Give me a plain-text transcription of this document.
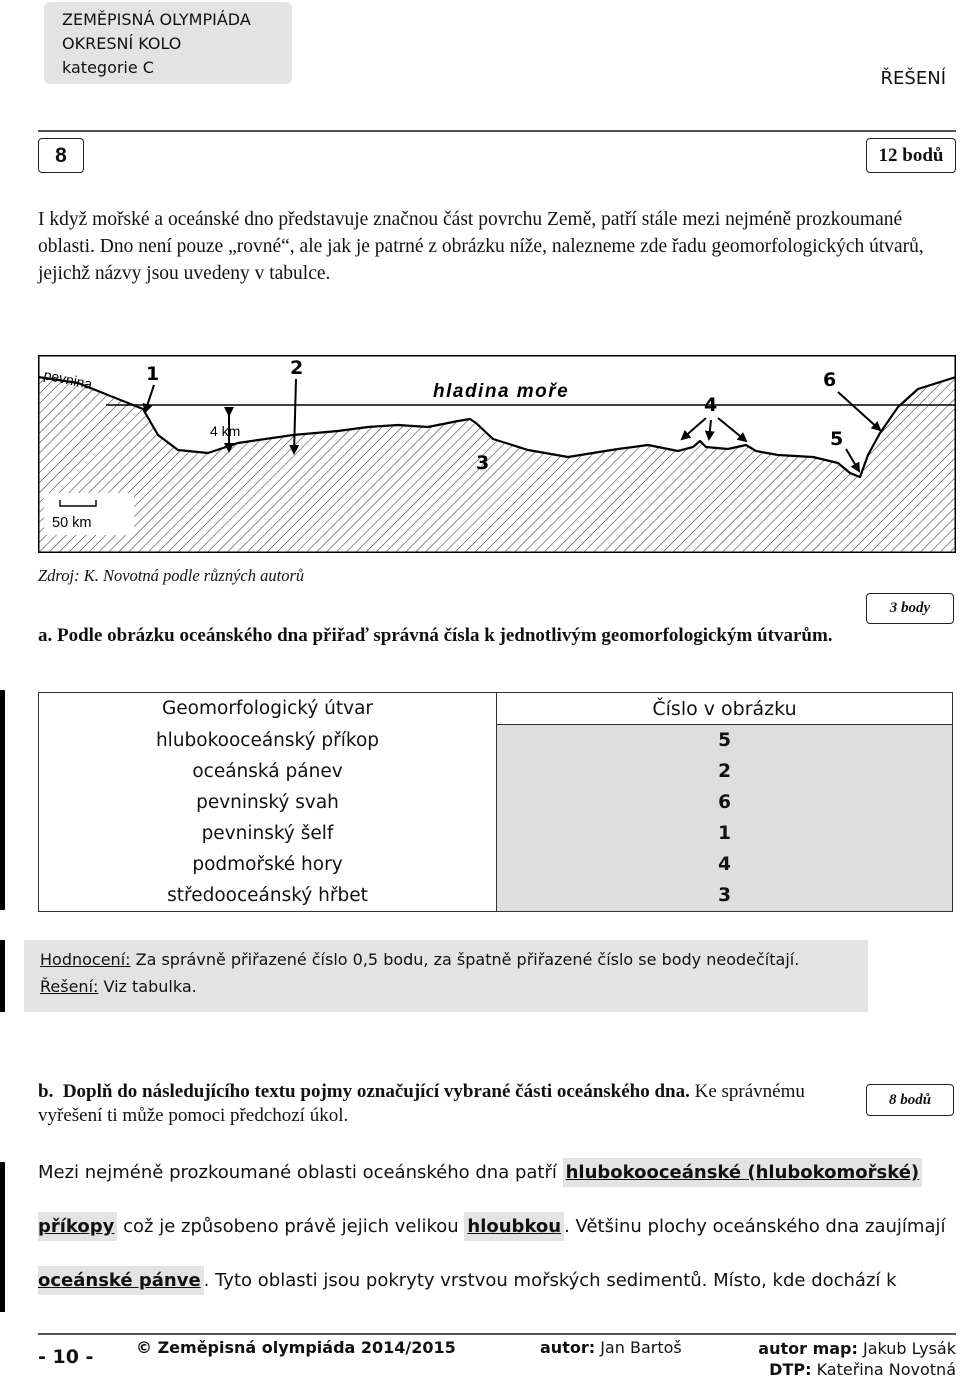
ZEMĚPISNÁ OLYMPIÁDA
OKRESNÍ KOLO
kategorie C
ŘEŠENÍ
8	12 bodů
I když mořské a oceánské dno představuje značnou část povrchu Země, patří stále mezi nejméně prozkoumané oblasti. Dno není pouze „rovné“, ale jak je patrné z obrázku níže, nalezneme zde řadu geomorfologických útvarů, jejichž názvy jsou uvedeny v tabulce.
pevnina	hladina moře
1	2
4 km
3
4
6
5
50 km
Zdroj: K. Novotná podle různých autorů
3 body
a. Podle obrázku oceánského dna přiřaď správná čísla k jednotlivým geomorfologickým útvarům.
Geomorfologický útvar	Číslo v obrázku
hlubokooceánský příkop	5
oceánská pánev	2
pevninský svah	6
pevninský šelf	1
podmořské hory	4
středooceánský hřbet	3
Hodnocení: Za správně přiřazené číslo 0,5 bodu, za špatně přiřazené číslo se body neodečítají.
Řešení: Viz tabulka.
b. Doplň do následujícího textu pojmy označující vybrané části oceánského dna. Ke správnému vyřešení ti může pomoci předchozí úkol.
8 bodů
Mezi nejméně prozkoumané oblasti oceánského dna patří hlubokooceánské (hlubokomořské)
příkopy což je způsobeno právě jejich velikou hloubkou . Většinu plochy oceánského dna zaujímají
oceánské pánve . Tyto oblasti jsou pokryty vrstvou mořských sedimentů. Místo, kde dochází k
- 10 -	© Zeměpisná olympiáda 2014/2015	autor: Jan Bartoš	autor map: Jakub Lysák
DTP: Kateřina Novotná
